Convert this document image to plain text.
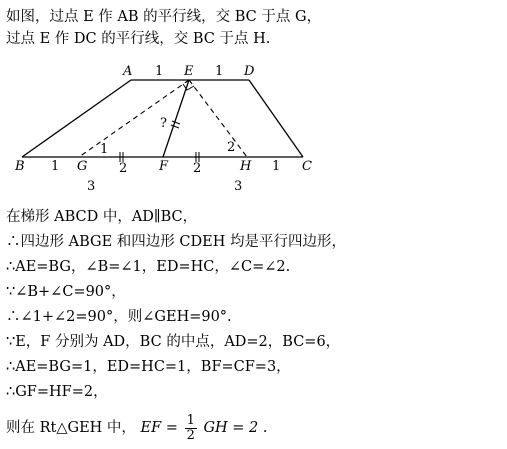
如图，过点 E 作 AB 的平行线，交 BC 于点 G，
过点 E 作 DC 的平行线，交 BC 于点 H.
A	E	D
B	G	F	H	C
1	1
1	2	2	1
3	3
?
1	2
在梯形 ABCD 中，AD∥BC，
∴四边形 ABGE 和四边形 CDEH 均是平行四边形，
∴AE=BG，∠B=∠1，ED=HC，∠C=∠2.
∵∠B+∠C=90°，
∴∠1+∠2=90°，则∠GEH=90°.
∵E，F 分别为 AD，BC 的中点，AD=2，BC=6，
∴AE=BG=1，ED=HC=1，BF=CF=3，
∴GF=HF=2，
则在 Rt△GEH 中， EF = $\frac{1}{2}$ GH = 2 .
